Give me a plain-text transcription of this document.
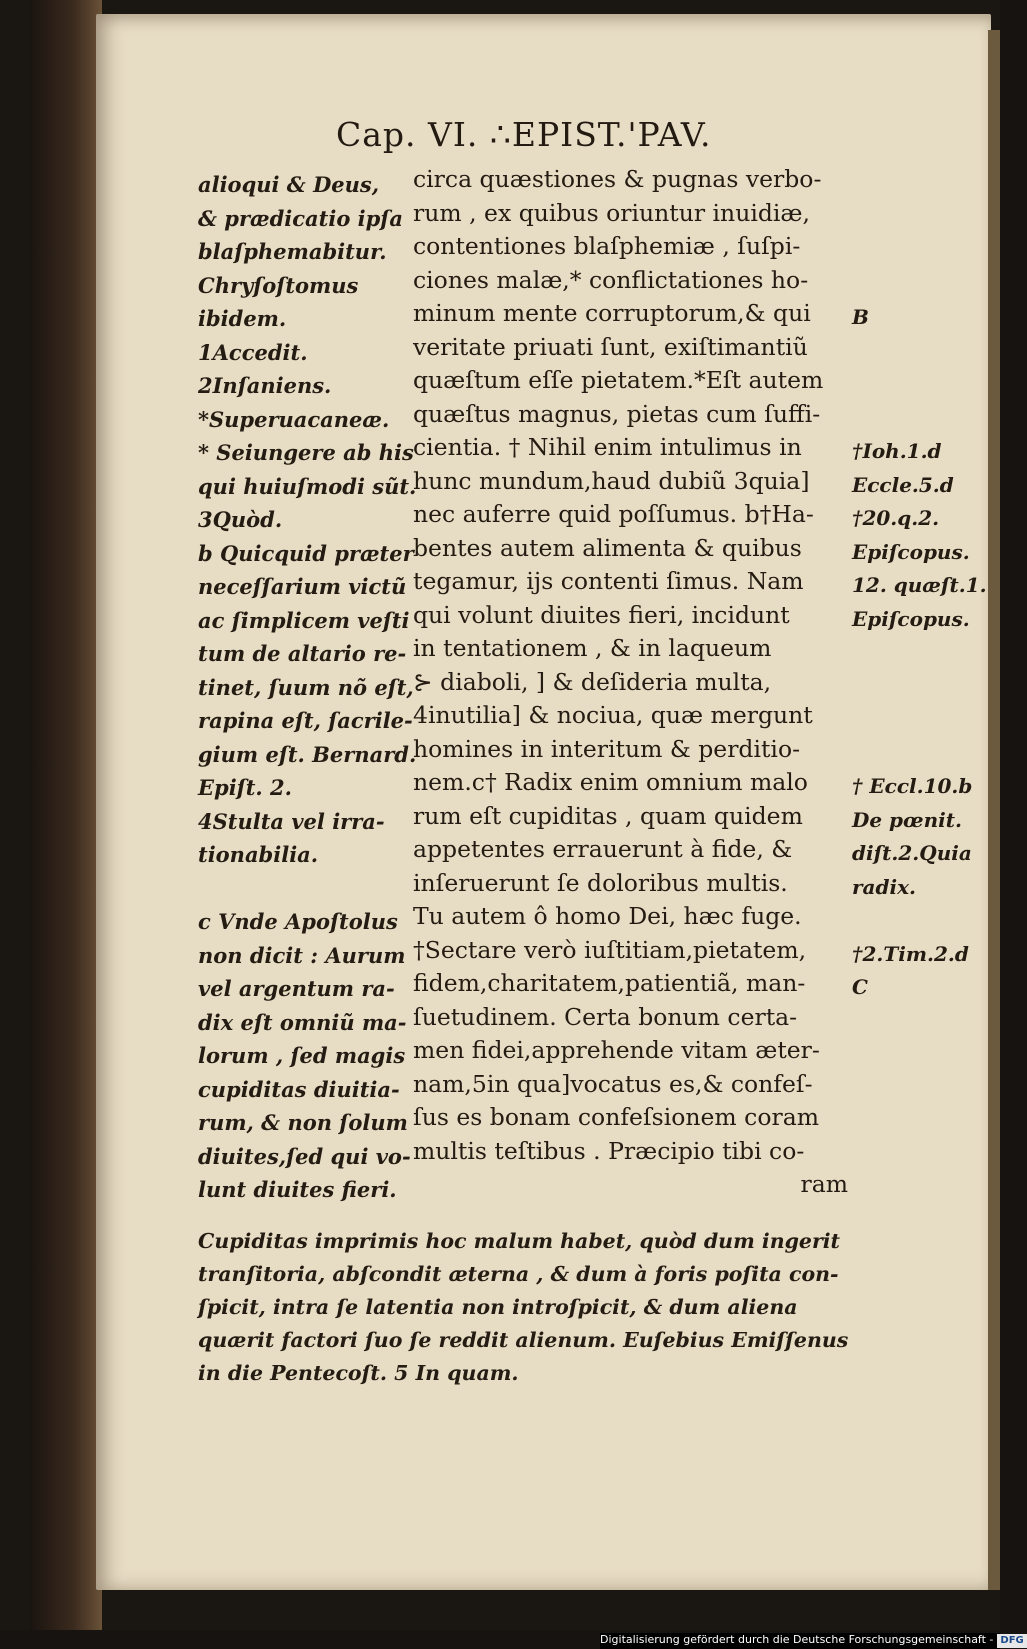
Cap. VI. ∴EPIST.'PAV.
alioqui & Deus,
& prædicatio ipſa
blaſphemabitur.
Chryſoſtomus
ibidem.
1Accedit.
2Inſaniens.
*Superuacaneæ.
* Seiungere ab his
qui huiuſmodi sũt.
3Quòd.
b Quicquid præter
neceſſarium victũ
ac ſimplicem veſti
tum de altario re-
tinet, ſuum nõ eſt,
rapina eſt, ſacrile-
gium eſt. Bernard.
Epiſt. 2.
4Stulta vel irra-
tionabilia.
c Vnde Apoſtolus
non dicit : Aurum
vel argentum ra-
dix eſt omniũ ma-
lorum , ſed magis
cupiditas diuitia-
rum, & non ſolum
diuites,ſed qui vo-
lunt diuites fieri.
circa quæstiones & pugnas verbo-
rum , ex quibus oriuntur inuidiæ,
contentiones blaſphemiæ , ſuſpi-
ciones malæ,* conflictationes ho-
minum mente corruptorum,& qui
veritate priuati ſunt, exiſtimantiũ
quæſtum eſſe pietatem.*Eſt autem
quæſtus magnus, pietas cum ſuffi-
cientia. † Nihil enim intulimus in
hunc mundum,haud dubiũ 3quia]
nec auferre quid poſſumus. b†Ha-
bentes autem alimenta & quibus
tegamur, ijs contenti ſimus. Nam
qui volunt diuites fieri, incidunt
in tentationem , & in laqueum
⊱ diaboli, ] & deſideria multa,
4inutilia] & nociua, quæ mergunt
homines in interitum & perditio-
nem.c† Radix enim omnium malo
rum eſt cupiditas , quam quidem
appetentes errauerunt à fide, &
inſeruerunt ſe doloribus multis.
Tu autem ô homo Dei, hæc fuge.
†Sectare verò iuſtitiam,pietatem,
fidem,charitatem,patientiã, man-
ſuetudinem. Certa bonum certa-
men fidei,apprehende vitam æter-
nam,5in qua]vocatus es,& confeſ-
ſus es bonam confeſsionem coram
multis teſtibus . Præcipio tibi co-
ram
B
†Ioh.1.d
Eccle.5.d
†20.q.2.
Epiſcopus.
12. quæſt.1.
Epiſcopus.
† Eccl.10.b
De pœnit.
diſt.2.Quia
radix.
†2.Tim.2.d
C
Cupiditas imprimis hoc malum habet, quòd dum ingerit
tranſitoria, abſcondit æterna , & dum à foris poſita con-
ſpicit, intra ſe latentia non introſpicit, & dum aliena
quærit factori ſuo ſe reddit alienum. Euſebius Emiſſenus
in die Pentecoſt. 5 In quam.
Digitalisierung gefördert durch die Deutsche Forschungsgemeinschaft - DFG
